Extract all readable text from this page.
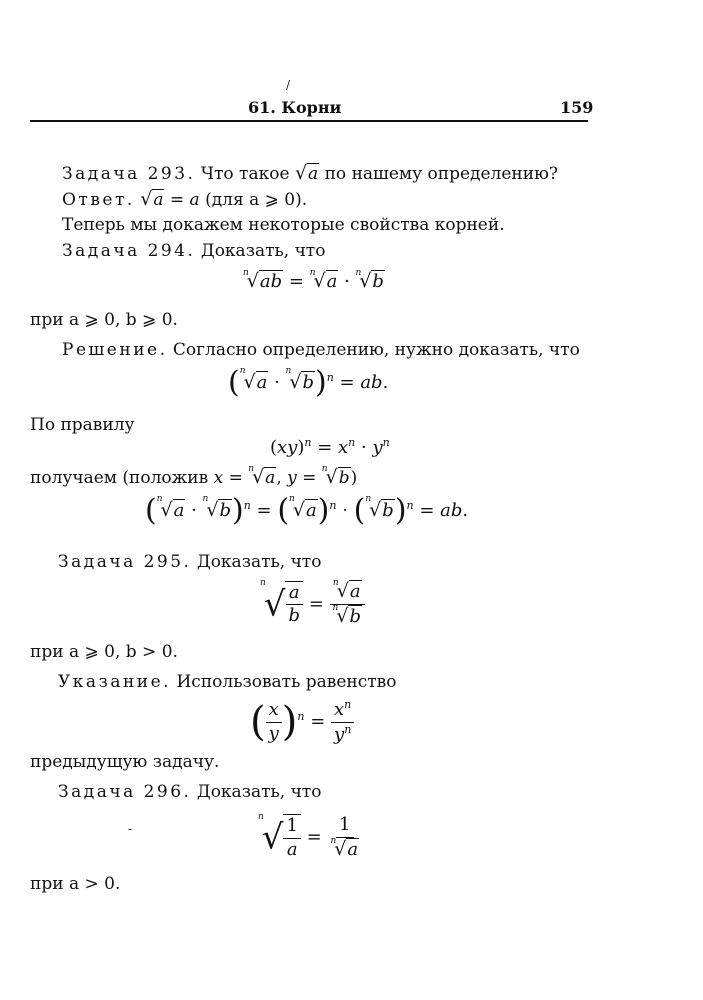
/
61. Корни	159
Задача 293. Что такое √a по нашему определению?
Ответ. √a = a (для a ⩾ 0).
Теперь мы докажем некоторые свойства корней.
Задача 294. Доказать, что
$^n$√ab = $^n$√a · $^n$√b
при a ⩾ 0, b ⩾ 0.
Решение. Согласно определению, нужно доказать, что
$(^n√a \cdot ^n√b)^n$ = ab.
По правилу
$(xy)^n = x^n \cdot y^n$
получаем (положив x = $^n$√a, y = $^n$√b)
$(^n√a \cdot ^n√b)^n = (^n√a)^n \cdot (^n√b)^n$ = ab.
Задача 295. Доказать, что
$^n√ \frac{a}{b} = \frac{^n√a}{^n√b}$
при a ⩾ 0, b > 0.
Указание. Использовать равенство
( $\frac{x}{y} )^n = \frac{x^n}{y^n}$
предыдущую задачу.
Задача 296. Доказать, что
-
$^n√ \frac{1}{a} = \frac{1}{^n√a}$
при a > 0.
